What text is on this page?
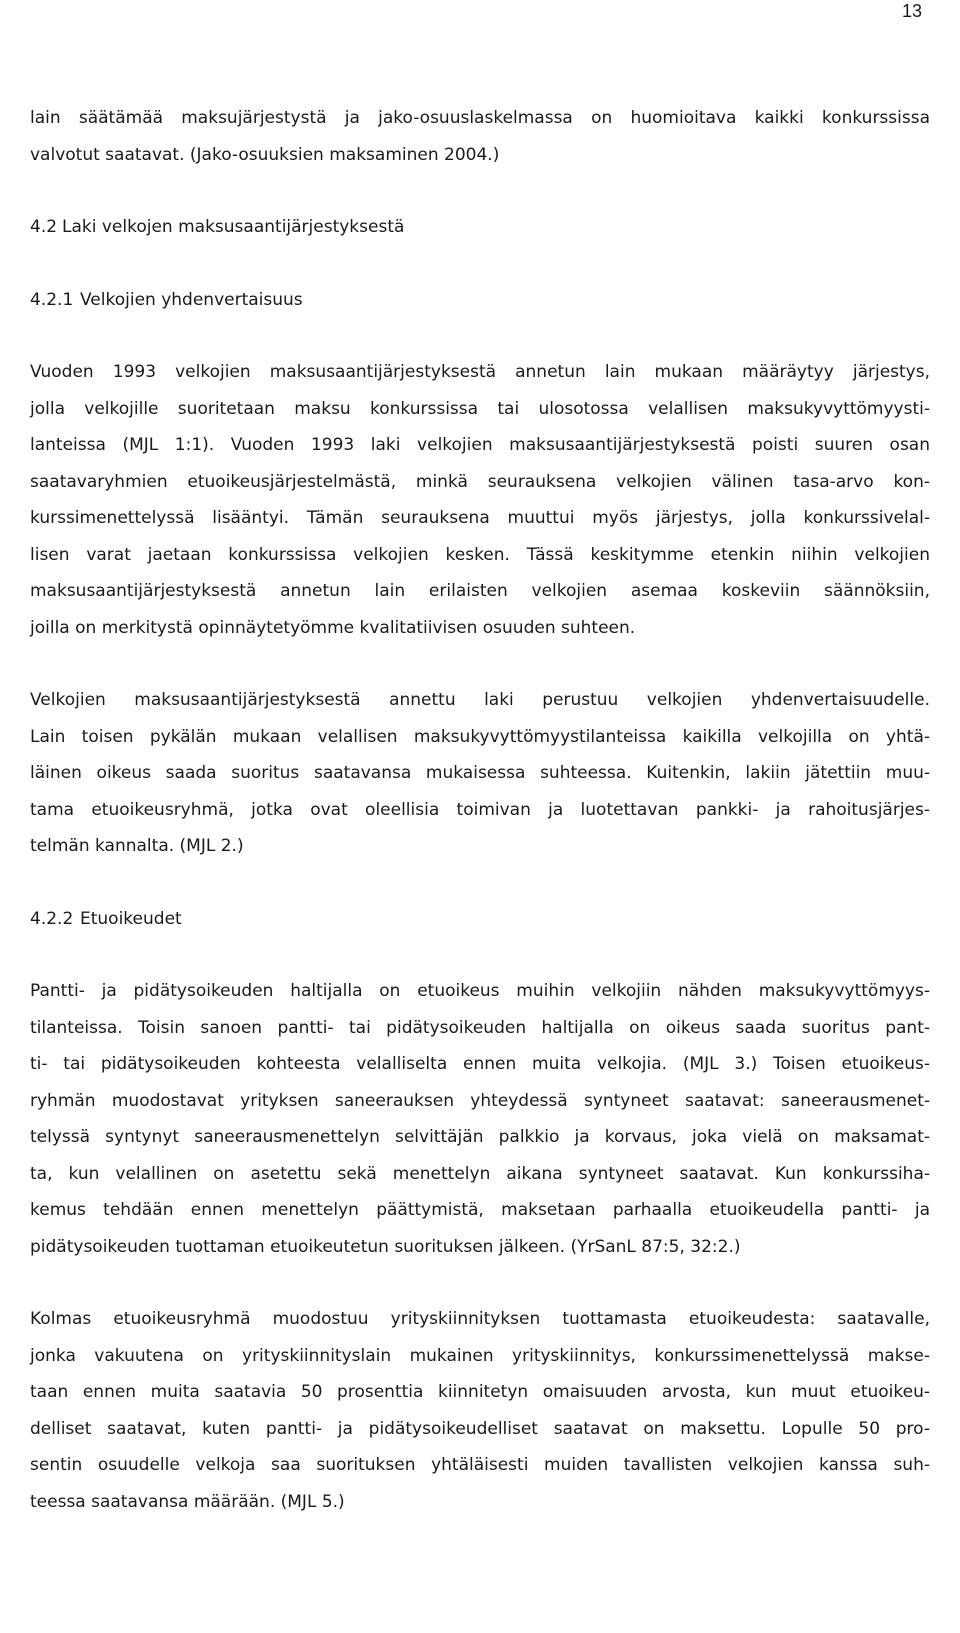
13
lain säätämää maksujärjestystä ja jako-osuuslaskelmassa on huomioitava kaikki konkurssissa
valvotut saatavat. (Jako-osuuksien maksaminen 2004.)
4.2 Laki velkojen maksusaantijärjestyksestä
4.2.1 Velkojien yhdenvertaisuus
Vuoden 1993 velkojien maksusaantijärjestyksestä annetun lain mukaan määräytyy järjestys,
jolla velkojille suoritetaan maksu konkurssissa tai ulosotossa velallisen maksukyvyttömyysti-
lanteissa (MJL 1:1). Vuoden 1993 laki velkojien maksusaantijärjestyksestä poisti suuren osan
saatavaryhmien etuoikeusjärjestelmästä, minkä seurauksena velkojien välinen tasa-arvo kon-
kurssimenettelyssä lisääntyi. Tämän seurauksena muuttui myös järjestys, jolla konkurssivelal-
lisen varat jaetaan konkurssissa velkojien kesken. Tässä keskitymme etenkin niihin velkojien
maksusaantijärjestyksestä annetun lain erilaisten velkojien asemaa koskeviin säännöksiin,
joilla on merkitystä opinnäytetyömme kvalitatiivisen osuuden suhteen.
Velkojien maksusaantijärjestyksestä annettu laki perustuu velkojien yhdenvertaisuudelle.
Lain toisen pykälän mukaan velallisen maksukyvyttömyystilanteissa kaikilla velkojilla on yhtä-
läinen oikeus saada suoritus saatavansa mukaisessa suhteessa. Kuitenkin, lakiin jätettiin muu-
tama etuoikeusryhmä, jotka ovat oleellisia toimivan ja luotettavan pankki- ja rahoitusjärjes-
telmän kannalta. (MJL 2.)
4.2.2 Etuoikeudet
Pantti- ja pidätysoikeuden haltijalla on etuoikeus muihin velkojiin nähden maksukyvyttömyys-
tilanteissa. Toisin sanoen pantti- tai pidätysoikeuden haltijalla on oikeus saada suoritus pant-
ti- tai pidätysoikeuden kohteesta velalliselta ennen muita velkojia. (MJL 3.) Toisen etuoikeus-
ryhmän muodostavat yrityksen saneerauksen yhteydessä syntyneet saatavat: saneerausmenet-
telyssä syntynyt saneerausmenettelyn selvittäjän palkkio ja korvaus, joka vielä on maksamat-
ta, kun velallinen on asetettu sekä menettelyn aikana syntyneet saatavat. Kun konkurssiha-
kemus tehdään ennen menettelyn päättymistä, maksetaan parhaalla etuoikeudella pantti- ja
pidätysoikeuden tuottaman etuoikeutetun suorituksen jälkeen. (YrSanL 87:5, 32:2.)
Kolmas etuoikeusryhmä muodostuu yrityskiinnityksen tuottamasta etuoikeudesta: saatavalle,
jonka vakuutena on yrityskiinnityslain mukainen yrityskiinnitys, konkurssimenettelyssä makse-
taan ennen muita saatavia 50 prosenttia kiinnitetyn omaisuuden arvosta, kun muut etuoikeu-
delliset saatavat, kuten pantti- ja pidätysoikeudelliset saatavat on maksettu. Lopulle 50 pro-
sentin osuudelle velkoja saa suorituksen yhtäläisesti muiden tavallisten velkojien kanssa suh-
teessa saatavansa määrään. (MJL 5.)
